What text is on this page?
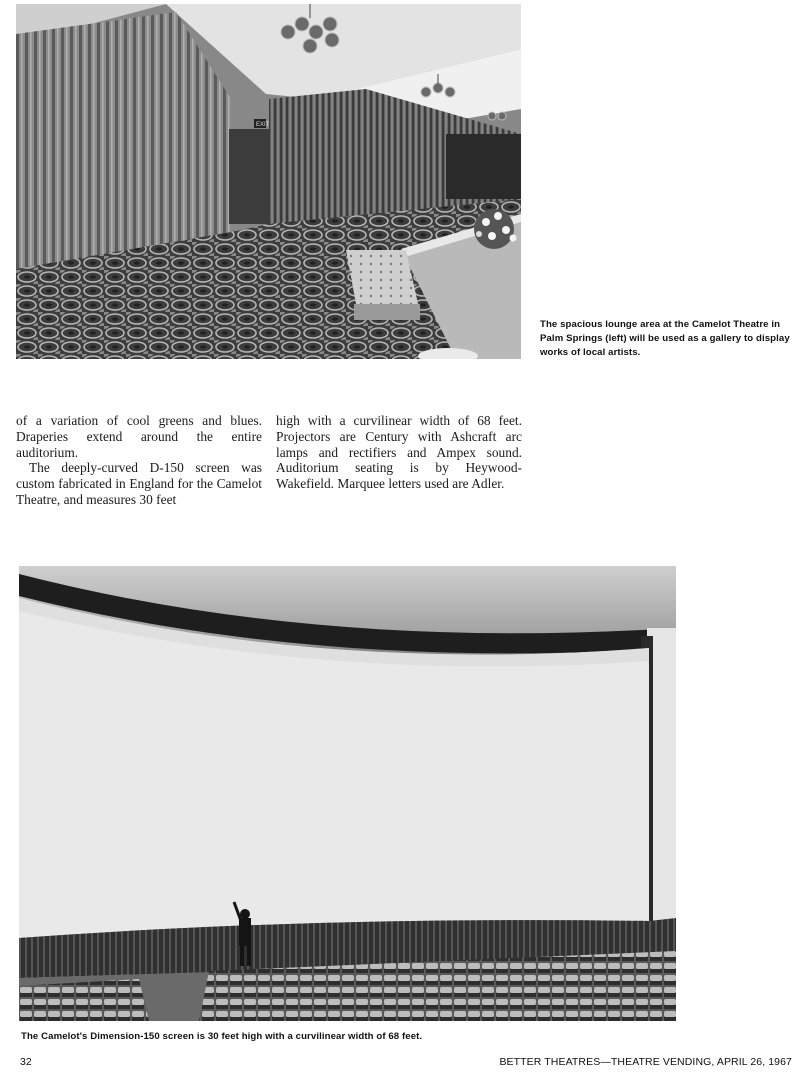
EXIT
The spacious lounge area at the Camelot Theatre in Palm Springs (left) will be used as a gallery to display works of local artists.

of a variation of cool greens and blues. Draperies extend around the entire auditorium.

The deeply-curved D-150 screen was custom fabricated in England for the Camelot Theatre, and measures 30 feet

high with a curvilinear width of 68 feet. Projectors are Century with Ashcraft arc lamps and rectifiers and Ampex sound. Auditorium seating is by Heywood-Wakefield. Marquee letters used are Adler.

The Camelot's Dimension-150 screen is 30 feet high with a curvilinear width of 68 feet.
32	BETTER THEATRES—THEATRE VENDING, APRIL 26, 1967
